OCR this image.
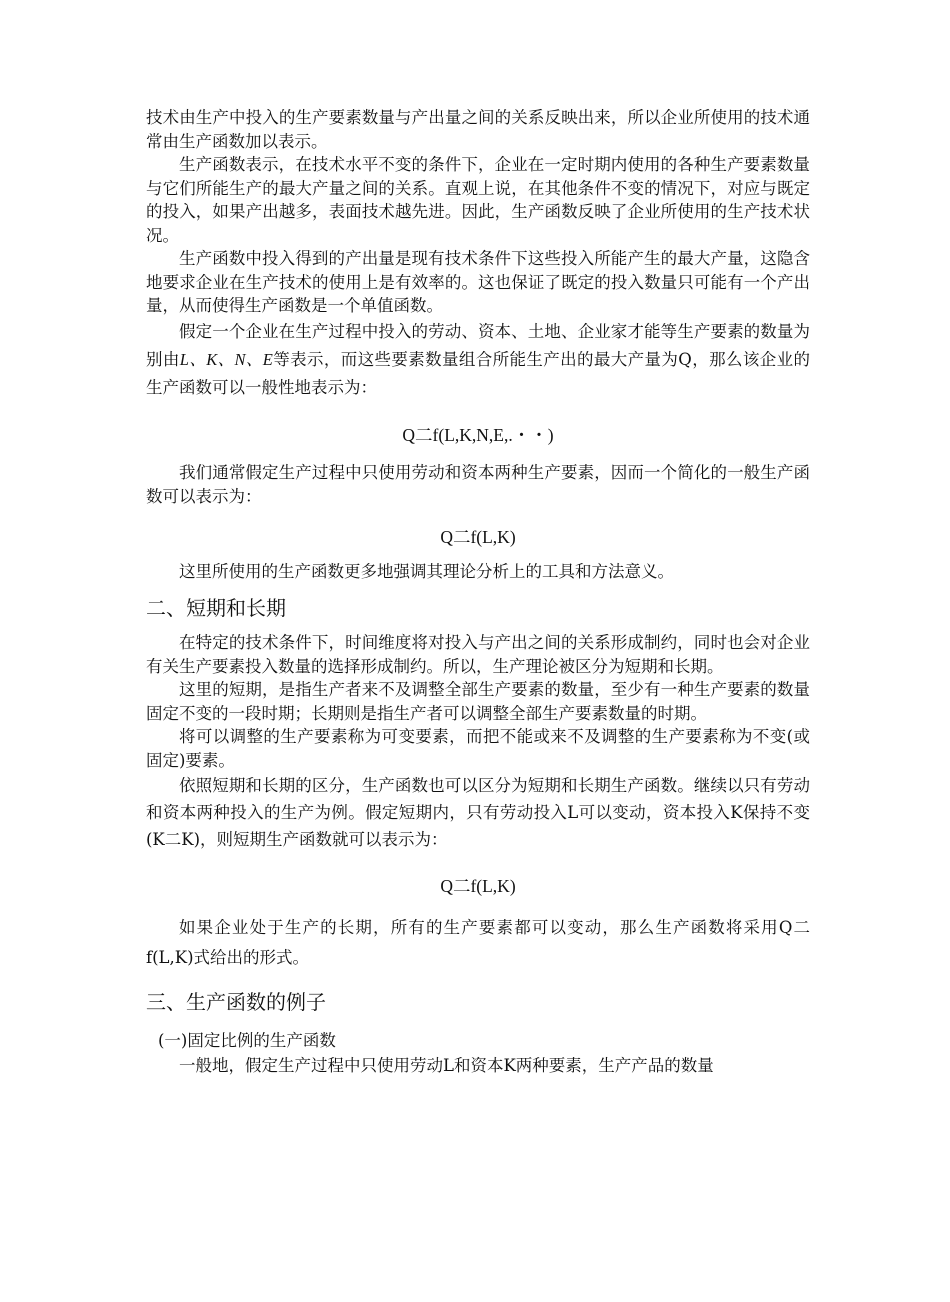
技术由生产中投入的生产要素数量与产出量之间的关系反映出来，所以企业所使用的技术通常由生产函数加以表示。

生产函数表示，在技术水平不变的条件下，企业在一定时期内使用的各种生产要素数量与它们所能生产的最大产量之间的关系。直观上说，在其他条件不变的情况下，对应与既定的投入，如果产出越多，表面技术越先进。因此，生产函数反映了企业所使用的生产技术状况。

生产函数中投入得到的产出量是现有技术条件下这些投入所能产生的最大产量，这隐含地要求企业在生产技术的使用上是有效率的。这也保证了既定的投入数量只可能有一个产出量，从而使得生产函数是一个单值函数。

假定一个企业在生产过程中投入的劳动、资本、土地、企业家才能等生产要素的数量为别由L、K、N、E等表示，而这些要素数量组合所能生产出的最大产量为Q，那么该企业的生产函数可以一般性地表示为：

Q二f(L,K,N,E,.・・)

我们通常假定生产过程中只使用劳动和资本两种生产要素，因而一个简化的一般生产函数可以表示为：

Q二f(L,K)

这里所使用的生产函数更多地强调其理论分析上的工具和方法意义。

二、短期和长期

在特定的技术条件下，时间维度将对投入与产出之间的关系形成制约，同时也会对企业有关生产要素投入数量的选择形成制约。所以，生产理论被区分为短期和长期。

这里的短期，是指生产者来不及调整全部生产要素的数量，至少有一种生产要素的数量固定不变的一段时期；长期则是指生产者可以调整全部生产要素数量的时期。

将可以调整的生产要素称为可变要素，而把不能或来不及调整的生产要素称为不变(或固定)要素。

依照短期和长期的区分，生产函数也可以区分为短期和长期生产函数。继续以只有劳动和资本两种投入的生产为例。假定短期内，只有劳动投入L可以变动，资本投入K保持不变(K二K)，则短期生产函数就可以表示为：

Q二f(L,K)

如果企业处于生产的长期，所有的生产要素都可以变动，那么生产函数将采用Q二f(L,K)式给出的形式。

三、生产函数的例子
(一)固定比例的生产函数

一般地，假定生产过程中只使用劳动L和资本K两种要素，生产产品的数量
